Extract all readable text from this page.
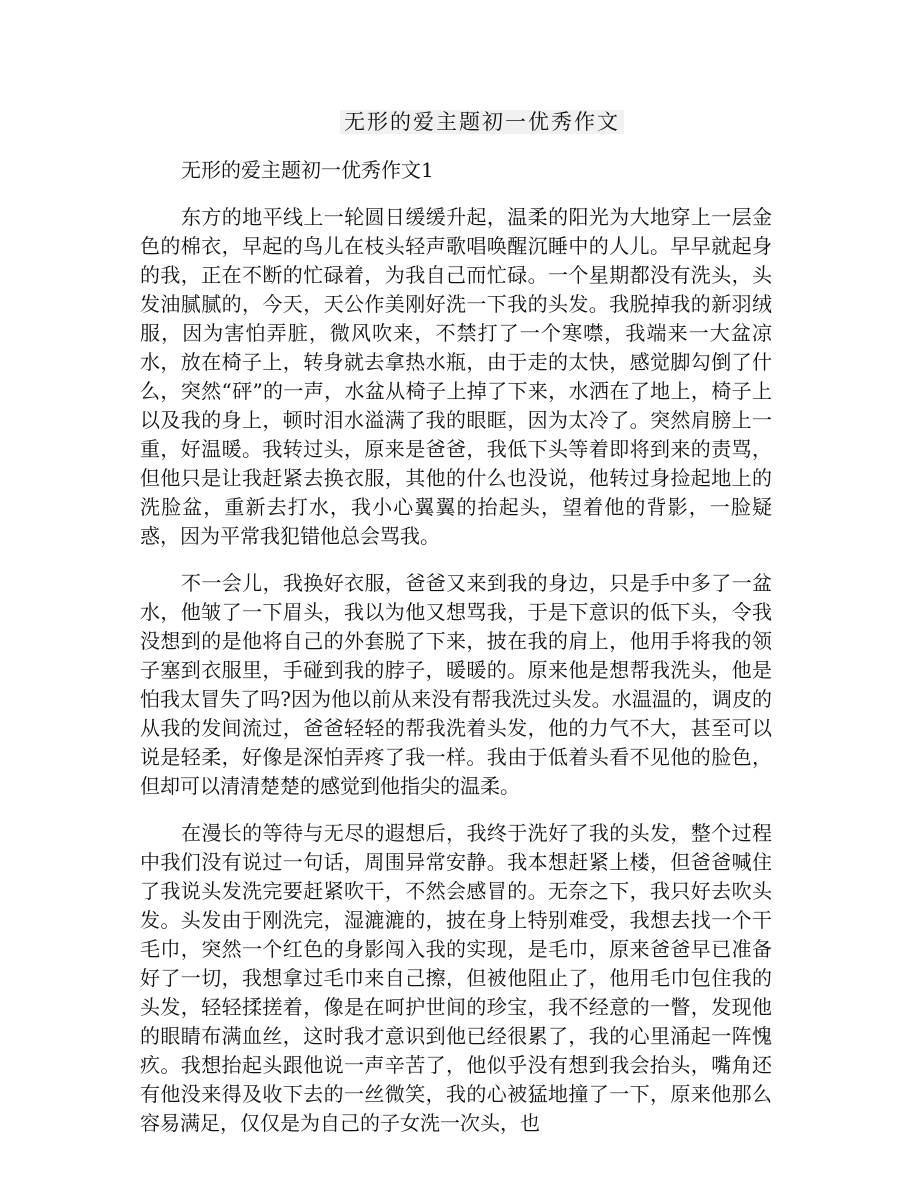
无形的爱主题初一优秀作文
无形的爱主题初一优秀作文1

东方的地平线上一轮圆日缓缓升起，温柔的阳光为大地穿上一层金色的棉衣，早起的鸟儿在枝头轻声歌唱唤醒沉睡中的人儿。早早就起身的我，正在不断的忙碌着，为我自己而忙碌。一个星期都没有洗头，头发油腻腻的，今天，天公作美刚好洗一下我的头发。我脱掉我的新羽绒服，因为害怕弄脏，微风吹来，不禁打了一个寒噤，我端来一大盆凉水，放在椅子上，转身就去拿热水瓶，由于走的太快，感觉脚勾倒了什么，突然“砰”的一声，水盆从椅子上掉了下来，水洒在了地上，椅子上以及我的身上，顿时泪水溢满了我的眼眶，因为太冷了。突然肩膀上一重，好温暖。我转过头，原来是爸爸，我低下头等着即将到来的责骂，但他只是让我赶紧去换衣服，其他的什么也没说，他转过身捡起地上的洗脸盆，重新去打水，我小心翼翼的抬起头，望着他的背影，一脸疑惑，因为平常我犯错他总会骂我。

不一会儿，我换好衣服，爸爸又来到我的身边，只是手中多了一盆水，他皱了一下眉头，我以为他又想骂我，于是下意识的低下头，令我没想到的是他将自己的外套脱了下来，披在我的肩上，他用手将我的领子塞到衣服里，手碰到我的脖子，暖暖的。原来他是想帮我洗头，他是怕我太冒失了吗?因为他以前从来没有帮我洗过头发。水温温的，调皮的从我的发间流过，爸爸轻轻的帮我洗着头发，他的力气不大，甚至可以说是轻柔，好像是深怕弄疼了我一样。我由于低着头看不见他的脸色，但却可以清清楚楚的感觉到他指尖的温柔。

在漫长的等待与无尽的遐想后，我终于洗好了我的头发，整个过程中我们没有说过一句话，周围异常安静。我本想赶紧上楼，但爸爸喊住了我说头发洗完要赶紧吹干，不然会感冒的。无奈之下，我只好去吹头发。头发由于刚洗完，湿漉漉的，披在身上特别难受，我想去找一个干毛巾，突然一个红色的身影闯入我的实现，是毛巾，原来爸爸早已准备好了一切，我想拿过毛巾来自己擦，但被他阻止了，他用毛巾包住我的头发，轻轻揉搓着，像是在呵护世间的珍宝，我不经意的一瞥，发现他的眼睛布满血丝，这时我才意识到他已经很累了，我的心里涌起一阵愧疚。我想抬起头跟他说一声辛苦了，他似乎没有想到我会抬头，嘴角还有他没来得及收下去的一丝微笑，我的心被猛地撞了一下，原来他那么容易满足，仅仅是为自己的子女洗一次头，也
